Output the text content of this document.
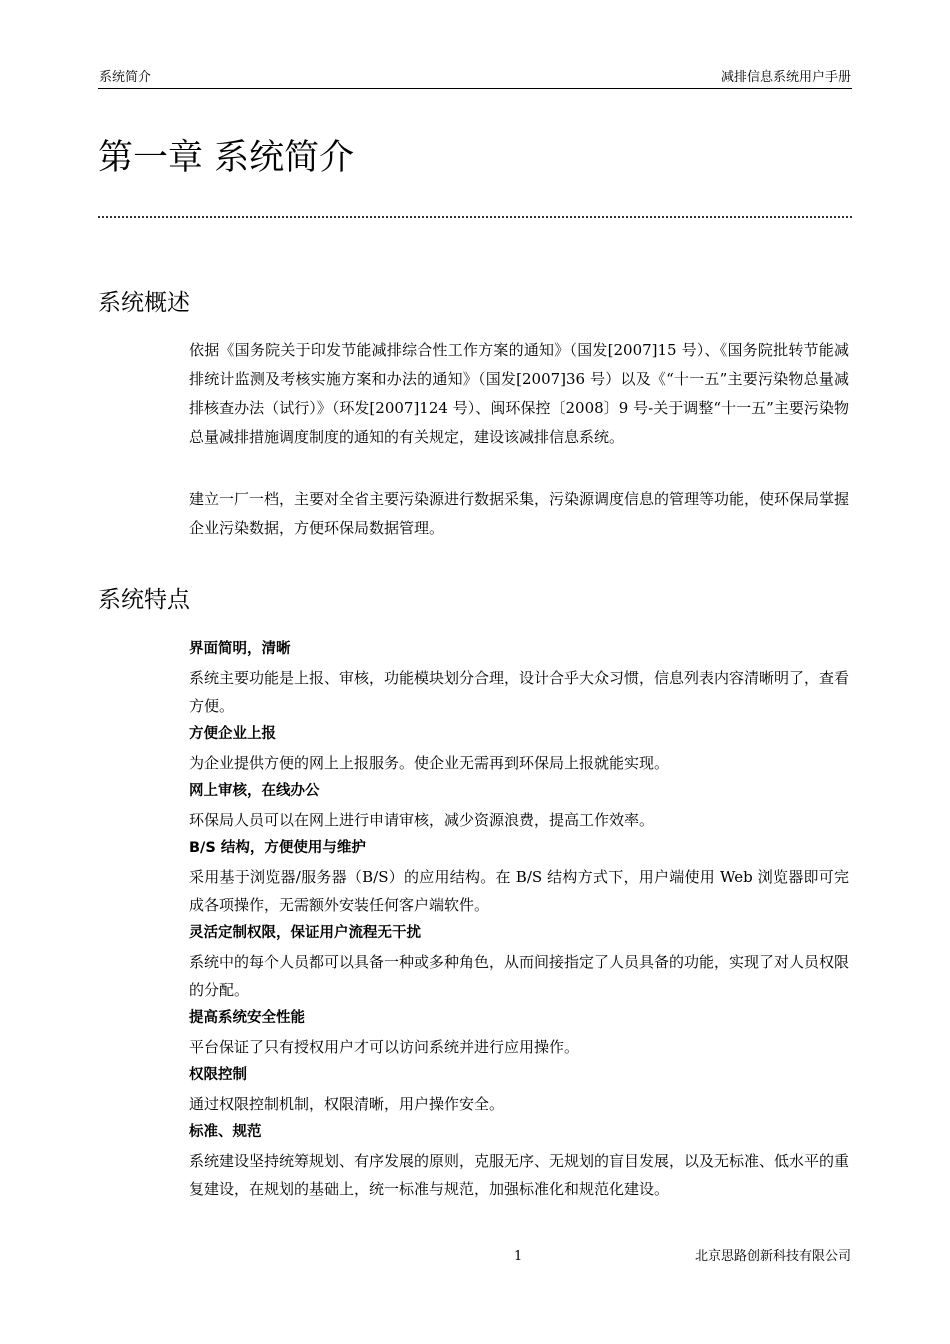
系统简介	减排信息系统用户手册
第一章 系统简介
系统概述

依据《国务院关于印发节能减排综合性工作方案的通知》（国发[2007]15 号）、《国务院批转节能减排统计监测及考核实施方案和办法的通知》（国发[2007]36 号）以及《“十一五”主要污染物总量减排核查办法（试行）》（环发[2007]124 号）、闽环保控〔2008〕9 号-关于调整“十一五”主要污染物总量减排措施调度制度的通知的有关规定，建设该减排信息系统。

建立一厂一档，主要对全省主要污染源进行数据采集，污染源调度信息的管理等功能，使环保局掌握企业污染数据，方便环保局数据管理。

系统特点
界面简明，清晰
系统主要功能是上报、审核，功能模块划分合理，设计合乎大众习惯，信息列表内容清晰明了，查看方便。
方便企业上报
为企业提供方便的网上上报服务。使企业无需再到环保局上报就能实现。
网上审核，在线办公
环保局人员可以在网上进行申请审核，减少资源浪费，提高工作效率。
B/S 结构，方便使用与维护
采用基于浏览器/服务器（B/S）的应用结构。在 B/S 结构方式下，用户端使用 Web 浏览器即可完成各项操作，无需额外安装任何客户端软件。
灵活定制权限，保证用户流程无干扰
系统中的每个人员都可以具备一种或多种角色，从而间接指定了人员具备的功能，实现了对人员权限的分配。
提高系统安全性能
平台保证了只有授权用户才可以访问系统并进行应用操作。
权限控制
通过权限控制机制，权限清晰，用户操作安全。
标准、规范
系统建设坚持统筹规划、有序发展的原则，克服无序、无规划的盲目发展，以及无标准、低水平的重复建设，在规划的基础上，统一标准与规范，加强标准化和规范化建设。
1	北京思路创新科技有限公司
